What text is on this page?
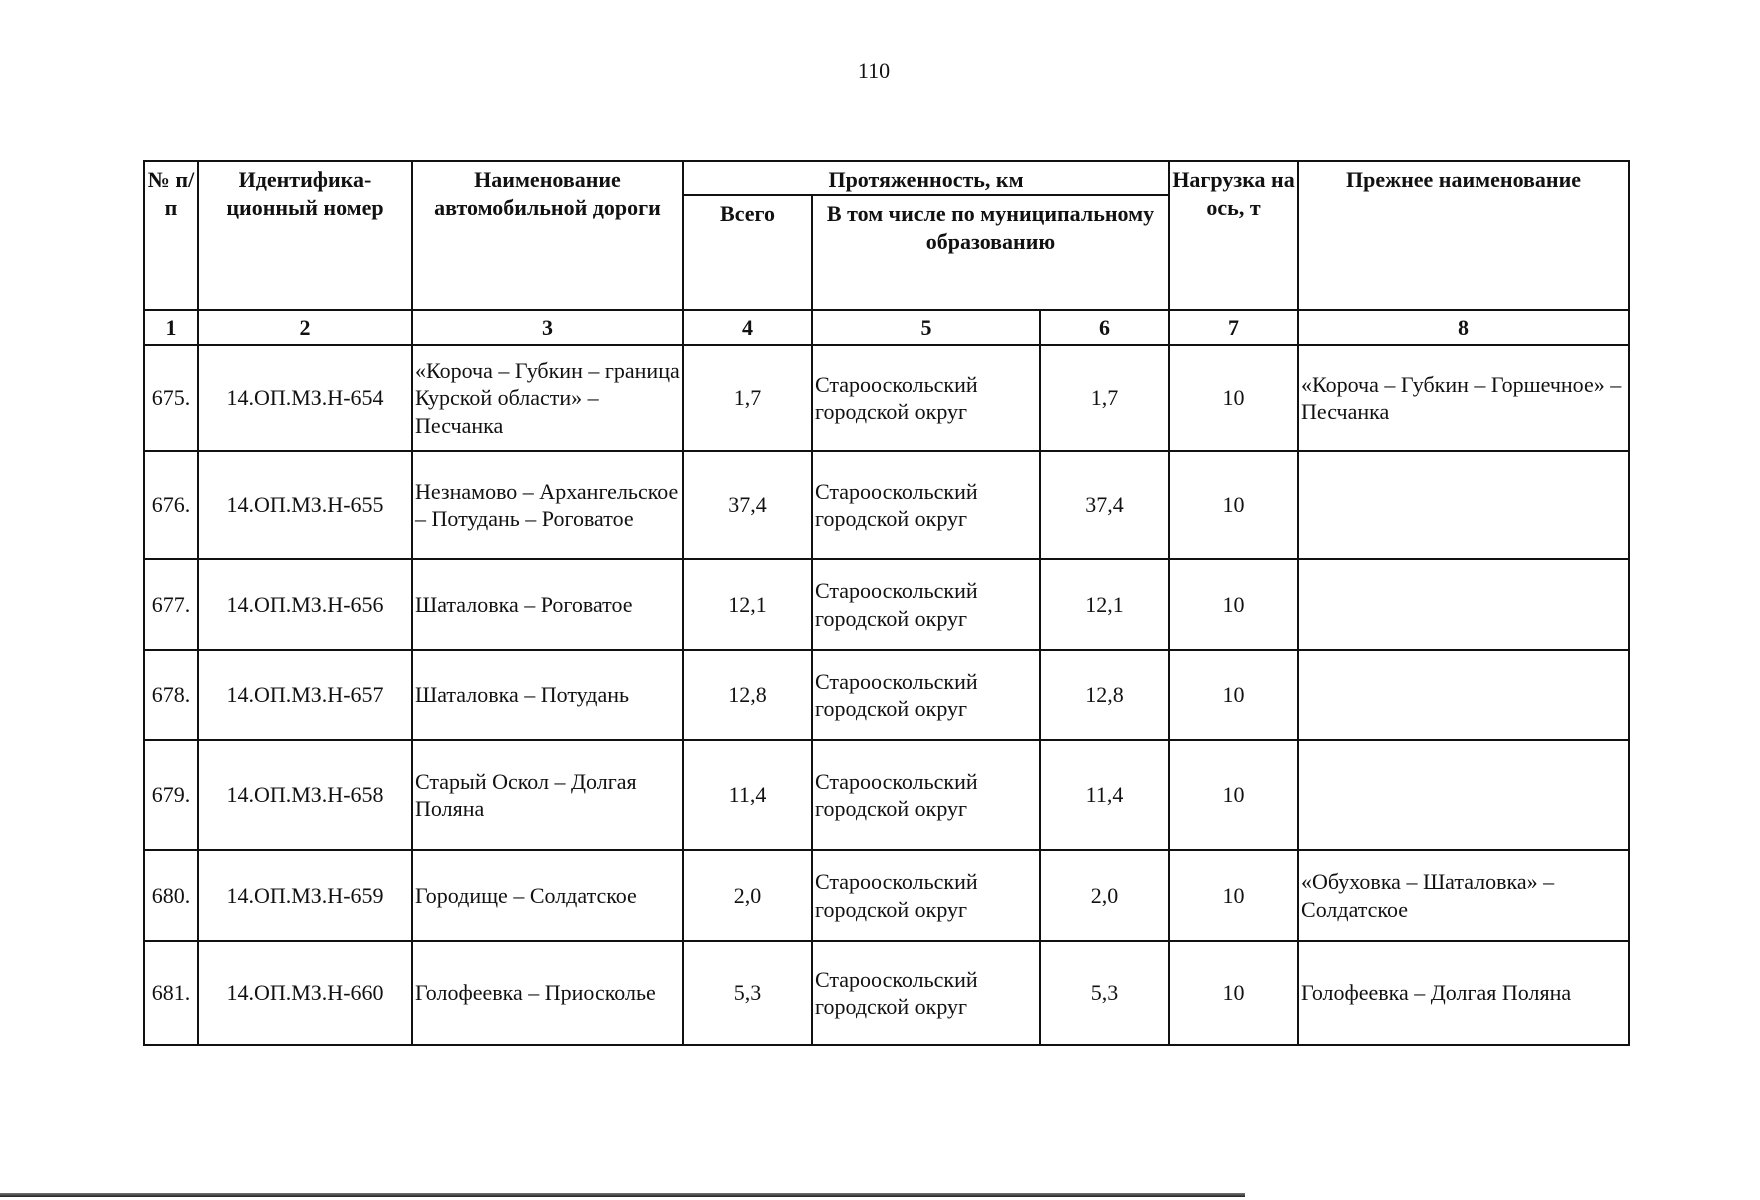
110
№ п/п	Идентифика-ционный номер	Наименование автомобильной дороги	Протяженность, км			Нагрузка на ось, т	Прежнее наименование
			Всего	В том числе по муниципальному образованию			
1	2	3	4	5	6	7	8
675.	14.ОП.МЗ.Н-654	«Короча – Губкин – граница Курской области» – Песчанка	1,7	Старооскольский городской округ	1,7	10	«Короча – Губкин – Горшечное» – Песчанка
676.	14.ОП.МЗ.Н-655	Незнамово – Архангельское – Потудань – Роговатое	37,4	Старооскольский городской округ	37,4	10	
677.	14.ОП.МЗ.Н-656	Шаталовка – Роговатое	12,1	Старооскольский городской округ	12,1	10	
678.	14.ОП.МЗ.Н-657	Шаталовка – Потудань	12,8	Старооскольский городской округ	12,8	10	
679.	14.ОП.МЗ.Н-658	Старый Оскол – Долгая Поляна	11,4	Старооскольский городской округ	11,4	10	
680.	14.ОП.МЗ.Н-659	Городище – Солдатское	2,0	Старооскольский городской округ	2,0	10	«Обуховка – Шаталовка» – Солдатское
681.	14.ОП.МЗ.Н-660	Голофеевка – Приосколье	5,3	Старооскольский городской округ	5,3	10	Голофеевка – Долгая Поляна
